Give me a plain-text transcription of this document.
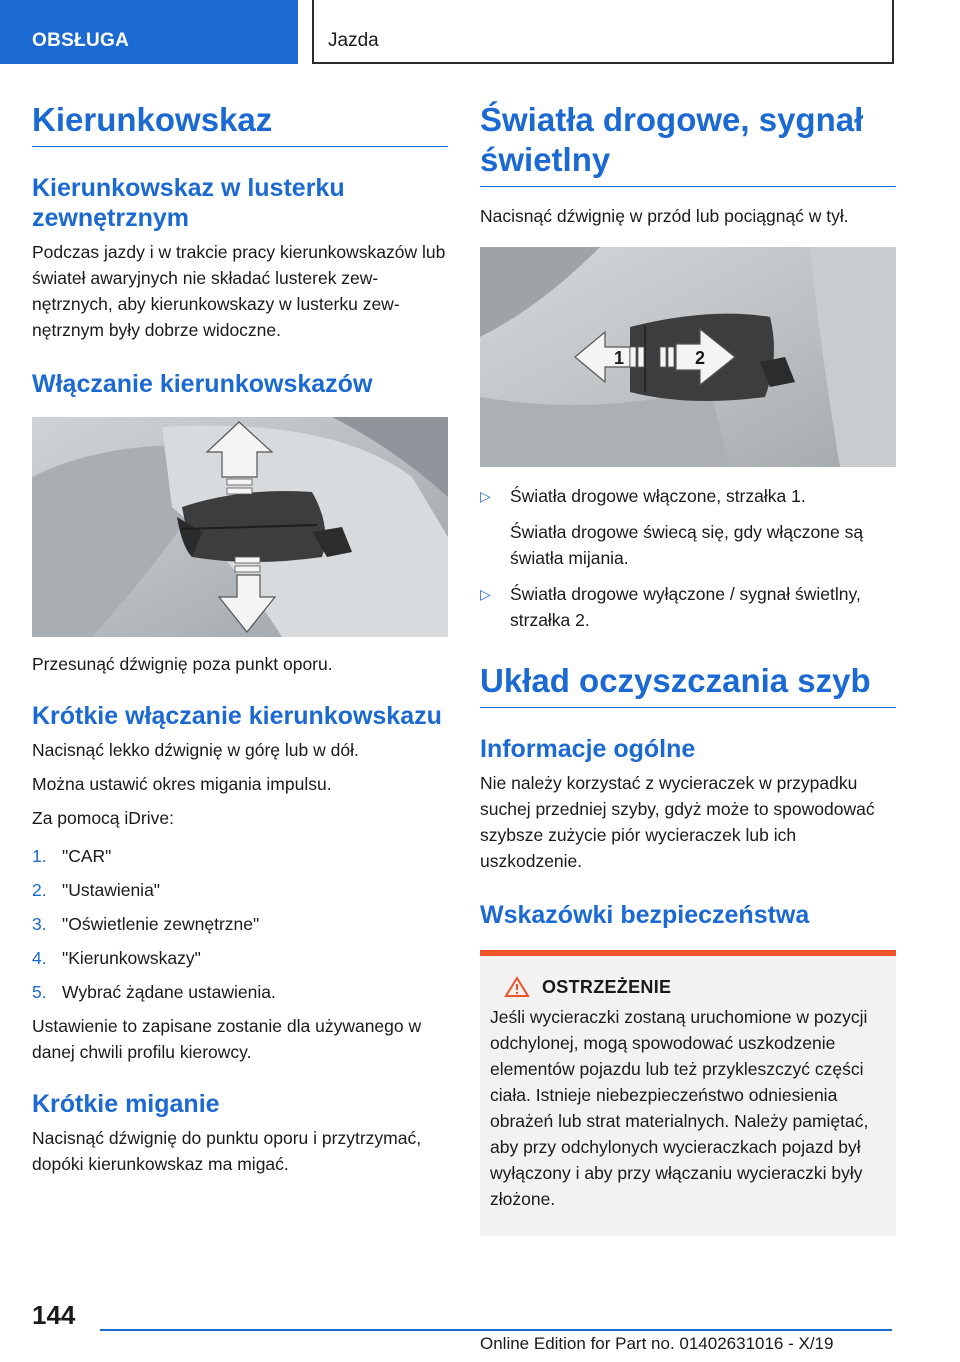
OBSŁUGA	Jazda
Kierunkowskaz
Kierunkowskaz w lusterku zewnętrznym

Podczas jazdy i w trakcie pracy kierunkowskazów lub świateł awaryjnych nie składać lusterek zewnętrznych, aby kierunkowskazy w lusterku zewnętrznym były dobrze widoczne.

Włączanie kierunkowskazów

Przesunąć dźwignię poza punkt oporu.

Krótkie włączanie kierunkowskazu

Nacisnąć lekko dźwignię w górę lub w dół.

Można ustawić okres migania impulsu.

Za pomocą iDrive:

1. "CAR"
2. "Ustawienia"
3. "Oświetlenie zewnętrzne"
4. "Kierunkowskazy"
5. Wybrać żądane ustawienia.

Ustawienie to zapisane zostanie dla używanego w danej chwili profilu kierowcy.

Krótkie miganie

Nacisnąć dźwignię do punktu oporu i przytrzymać, dopóki kierunkowskaz ma migać.

Światła drogowe, sygnał świetlny

Nacisnąć dźwignię w przód lub pociągnąć w tył.

1	2
▷ Światła drogowe włączone, strzałka 1.

Światła drogowe świecą się, gdy włączone są światła mijania.

▷ Światła drogowe wyłączone / sygnał świetlny, strzałka 2.
Układ oczyszczania szyb
Informacje ogólne

Nie należy korzystać z wycieraczek w przypadku suchej przedniej szyby, gdyż może to spowodować szybsze zużycie piór wycieraczek lub ich uszkodzenie.

Wskazówki bezpieczeństwa
OSTRZEŻENIE

Jeśli wycieraczki zostaną uruchomione w pozycji odchylonej, mogą spowodować uszkodzenie elementów pojazdu lub też przykleszczyć części ciała. Istnieje niebezpieczeństwo odniesienia obrażeń lub strat materialnych. Należy pamiętać, aby przy odchylonych wycieraczkach pojazd był wyłączony i aby przy włączaniu wycieraczki były złożone.

144
Online Edition for Part no. 01402631016 - X/19
